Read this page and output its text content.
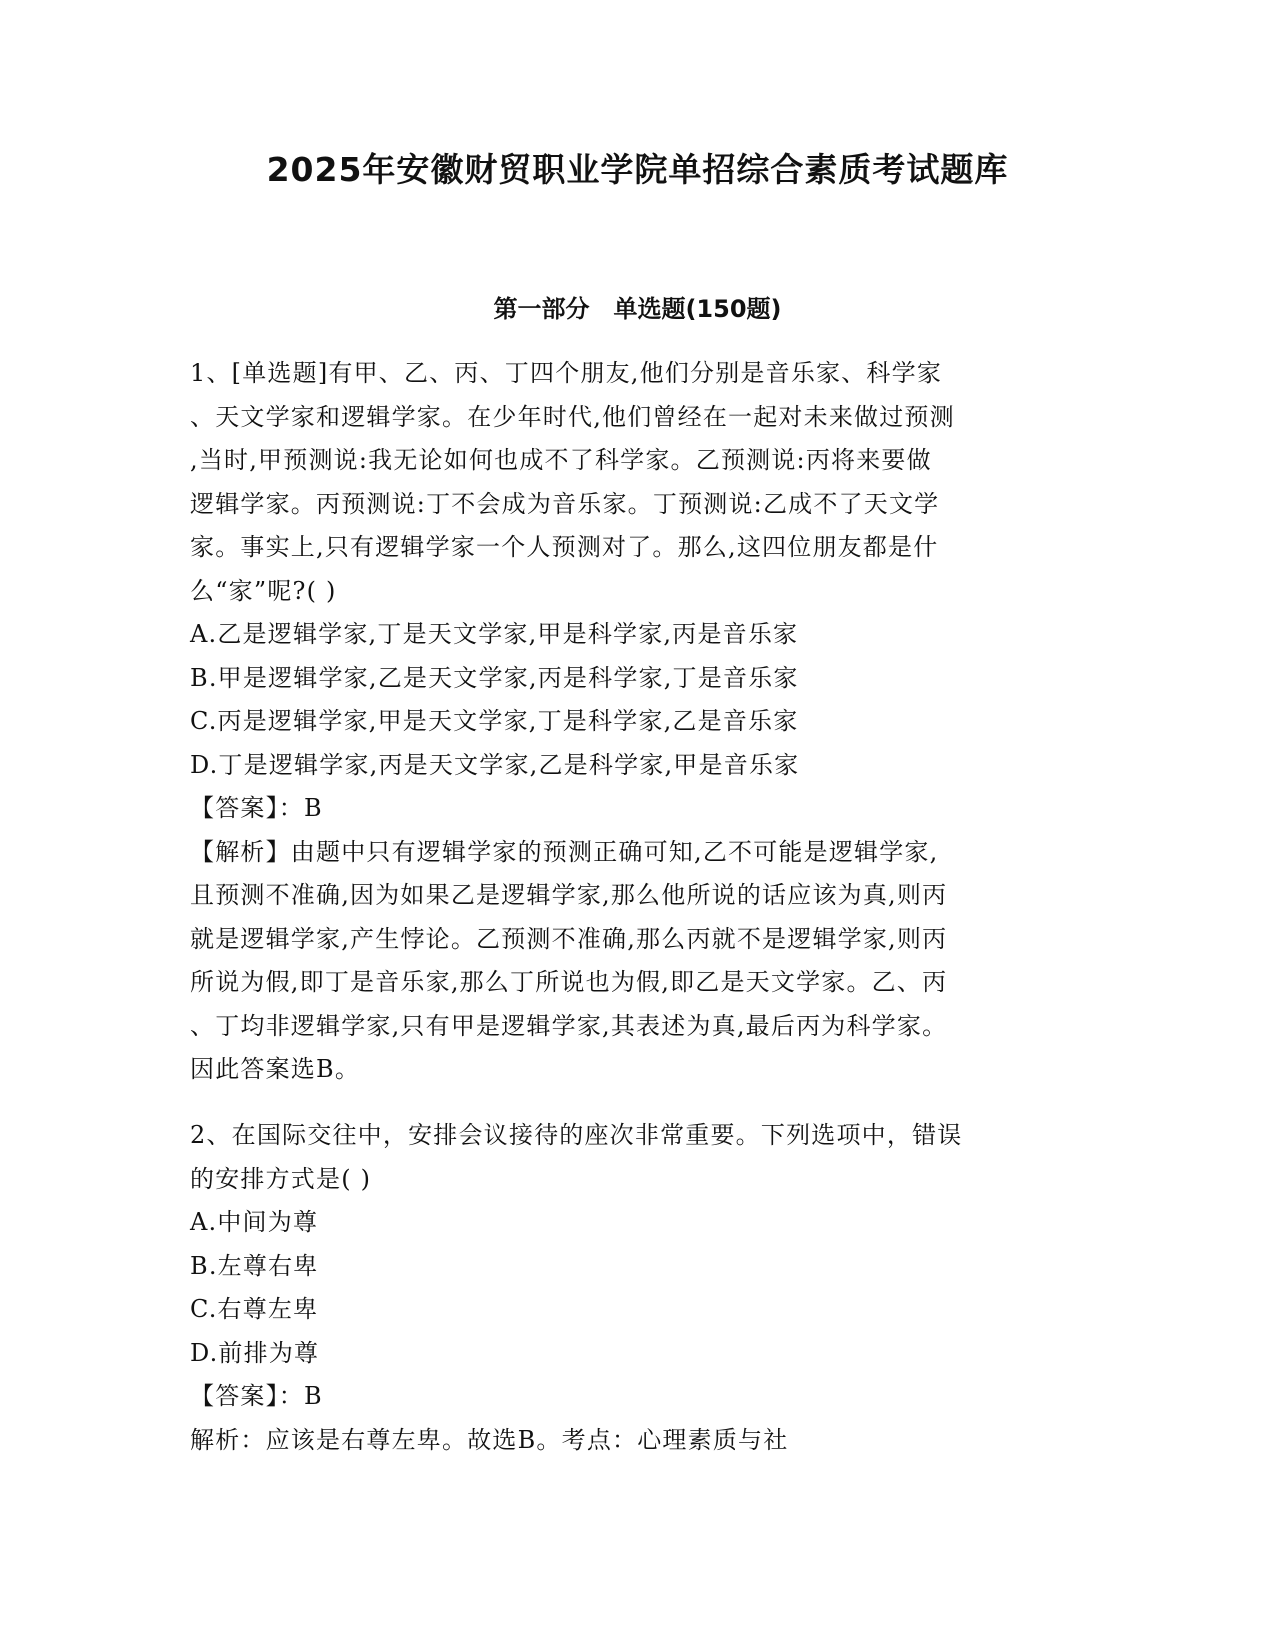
2025年安徽财贸职业学院单招综合素质考试题库
第一部分　单选题(150题)
1、[单选题]有甲、乙、丙、丁四个朋友,他们分别是音乐家、科学家
、天文学家和逻辑学家。在少年时代,他们曾经在一起对未来做过预测
,当时,甲预测说:我无论如何也成不了科学家。乙预测说:丙将来要做
逻辑学家。丙预测说:丁不会成为音乐家。丁预测说:乙成不了天文学
家。事实上,只有逻辑学家一个人预测对了。那么,这四位朋友都是什
么“家”呢?( )
A.乙是逻辑学家,丁是天文学家,甲是科学家,丙是音乐家
B.甲是逻辑学家,乙是天文学家,丙是科学家,丁是音乐家
C.丙是逻辑学家,甲是天文学家,丁是科学家,乙是音乐家
D.丁是逻辑学家,丙是天文学家,乙是科学家,甲是音乐家
【答案】：B
【解析】由题中只有逻辑学家的预测正确可知,乙不可能是逻辑学家,
且预测不准确,因为如果乙是逻辑学家,那么他所说的话应该为真,则丙
就是逻辑学家,产生悖论。乙预测不准确,那么丙就不是逻辑学家,则丙
所说为假,即丁是音乐家,那么丁所说也为假,即乙是天文学家。乙、丙
、丁均非逻辑学家,只有甲是逻辑学家,其表述为真,最后丙为科学家。
因此答案选B。
2、在国际交往中，安排会议接待的座次非常重要。下列选项中，错误
的安排方式是( )
A.中间为尊
B.左尊右卑
C.右尊左卑
D.前排为尊
【答案】：B
解析：应该是右尊左卑。故选B。考点：心理素质与社
